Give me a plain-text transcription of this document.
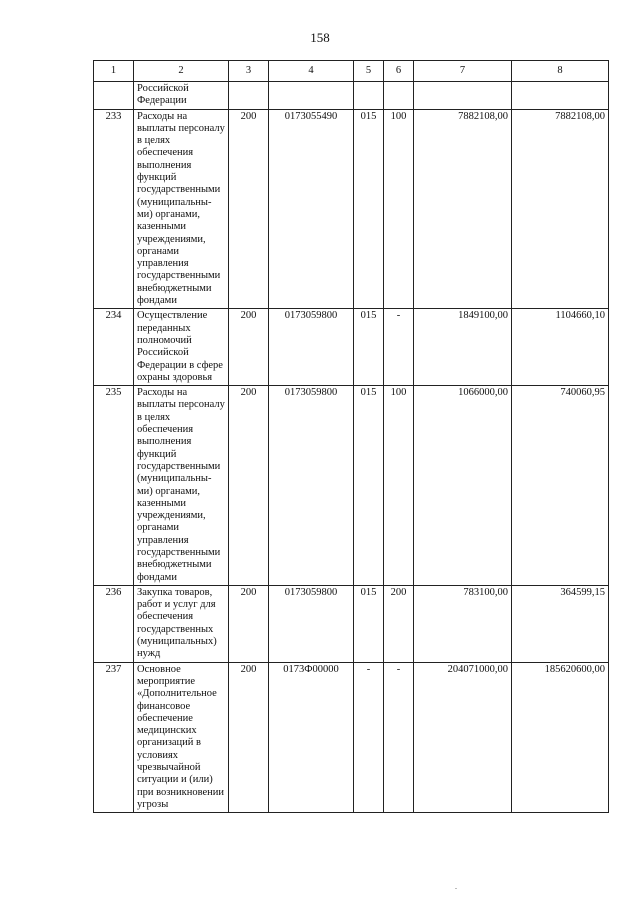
158
1	2	3	4	5	6	7	8
	Российской Федерации						
233	Расходы на выплаты персоналу в целях обеспечения выполнения функций государственными (муниципальны-ми) органами, казенными учреждениями, органами управления государственными внебюджетными фондами	200	0173055490	015	100	7882108,00	7882108,00
234	Осуществление переданных полномочий Российской Федерации в сфере охраны здоровья	200	0173059800	015	-	1849100,00	1104660,10
235	Расходы на выплаты персоналу в целях обеспечения выполнения функций государственными (муниципальны-ми) органами, казенными учреждениями, органами управления государственными внебюджетными фондами	200	0173059800	015	100	1066000,00	740060,95
236	Закупка товаров, работ и услуг для обеспечения государственных (муниципальных) нужд	200	0173059800	015	200	783100,00	364599,15
237	Основное мероприятие «Дополнительное финансовое обеспечение медицинских организаций в условиях чрезвычайной ситуации и (или) при возникновении угрозы	200	0173Ф00000	-	-	204071000,00	185620600,00
